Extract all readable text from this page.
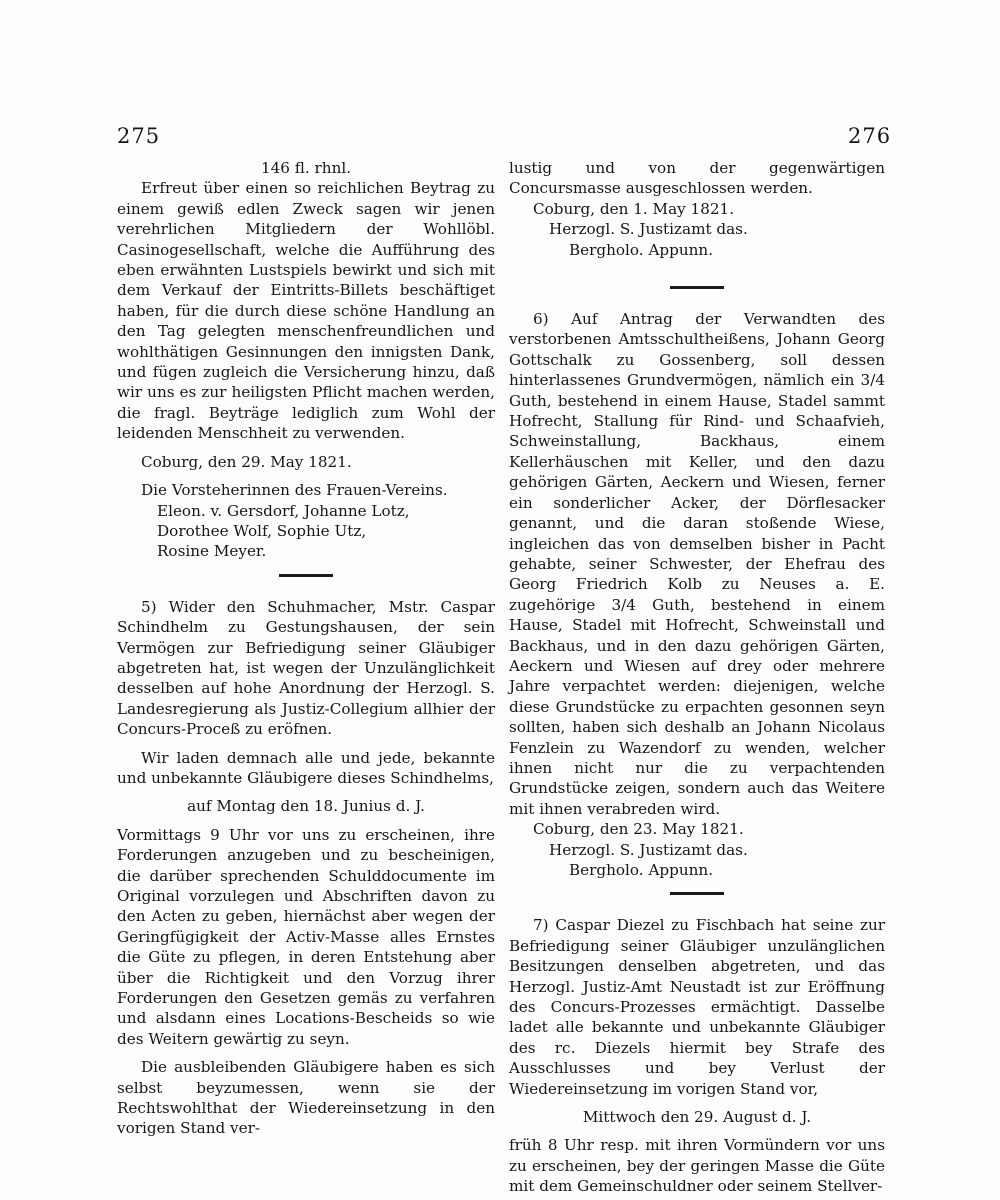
275	276

146 fl. rhnl.

Erfreut über einen so reichlichen Beytrag zu einem gewiß edlen Zweck sagen wir jenen verehrlichen Mitgliedern der Wohllöbl. Casinogesellschaft, welche die Aufführung des eben erwähnten Lustspiels bewirkt und sich mit dem Verkauf der Eintritts-Billets beschäftiget haben, für die durch diese schöne Handlung an den Tag gelegten menschenfreundlichen und wohlthätigen Gesinnungen den innigsten Dank, und fügen zugleich die Versicherung hinzu, daß wir uns es zur heiligsten Pflicht machen werden, die fragl. Beyträge lediglich zum Wohl der leidenden Menschheit zu verwenden.

Coburg, den 29. May 1821.

Die Vorsteherinnen des Frauen-Vereins.

Eleon. v. Gersdorf, Johanne Lotz,

Dorothee Wolf, Sophie Utz,

Rosine Meyer.

5) Wider den Schuhmacher, Mstr. Caspar Schindhelm zu Gestungshausen, der sein Vermögen zur Befriedigung seiner Gläubiger abgetreten hat, ist wegen der Unzulänglichkeit desselben auf hohe Anordnung der Herzogl. S. Landesregierung als Justiz-Collegium allhier der Concurs-Proceß zu eröfnen.

Wir laden demnach alle und jede, bekannte und unbekannte Gläubigere dieses Schindhelms,

auf Montag den 18. Junius d. J.

Vormittags 9 Uhr vor uns zu erscheinen, ihre Forderungen anzugeben und zu bescheinigen, die darüber sprechenden Schulddocumente im Original vorzulegen und Abschriften davon zu den Acten zu geben, hiernächst aber wegen der Geringfügigkeit der Activ-Masse alles Ernstes die Güte zu pflegen, in deren Entstehung aber über die Richtigkeit und den Vorzug ihrer Forderungen den Gesetzen gemäs zu verfahren und alsdann eines Locations-Bescheids so wie des Weitern gewärtig zu seyn.

Die ausbleibenden Gläubigere haben es sich selbst beyzumessen, wenn sie der Rechtswohlthat der Wiedereinsetzung in den vorigen Stand ver-

lustig und von der gegenwärtigen Concursmasse ausgeschlossen werden.

Coburg, den 1. May 1821.

Herzogl. S. Justizamt das.

Bergholo. Appunn.

6) Auf Antrag der Verwandten des verstorbenen Amtsschultheißens, Johann Georg Gottschalk zu Gossenberg, soll dessen hinterlassenes Grundvermögen, nämlich ein 3/4 Guth, bestehend in einem Hause, Stadel sammt Hofrecht, Stallung für Rind- und Schaafvieh, Schweinstallung, Backhaus, einem Kellerhäuschen mit Keller, und den dazu gehörigen Gärten, Aeckern und Wiesen, ferner ein sonderlicher Acker, der Dörflesacker genannt, und die daran stoßende Wiese, ingleichen das von demselben bisher in Pacht gehabte, seiner Schwester, der Ehefrau des Georg Friedrich Kolb zu Neuses a. E. zugehörige 3/4 Guth, bestehend in einem Hause, Stadel mit Hofrecht, Schweinstall und Backhaus, und in den dazu gehörigen Gärten, Aeckern und Wiesen auf drey oder mehrere Jahre verpachtet werden: diejenigen, welche diese Grundstücke zu erpachten gesonnen seyn sollten, haben sich deshalb an Johann Nicolaus Fenzlein zu Wazendorf zu wenden, welcher ihnen nicht nur die zu verpachtenden Grundstücke zeigen, sondern auch das Weitere mit ihnen verabreden wird.

Coburg, den 23. May 1821.

Herzogl. S. Justizamt das.

Bergholo. Appunn.

7) Caspar Diezel zu Fischbach hat seine zur Befriedigung seiner Gläubiger unzulänglichen Besitzungen denselben abgetreten, und das Herzogl. Justiz-Amt Neustadt ist zur Eröffnung des Concurs-Prozesses ermächtigt. Dasselbe ladet alle bekannte und unbekannte Gläubiger des rc. Diezels hiermit bey Strafe des Ausschlusses und bey Verlust der Wiedereinsetzung im vorigen Stand vor,

Mittwoch den 29. August d. J.

früh 8 Uhr resp. mit ihren Vormündern vor uns zu erscheinen, bey der geringen Masse die Güte mit dem Gemeinschuldner oder seinem Stellver-
